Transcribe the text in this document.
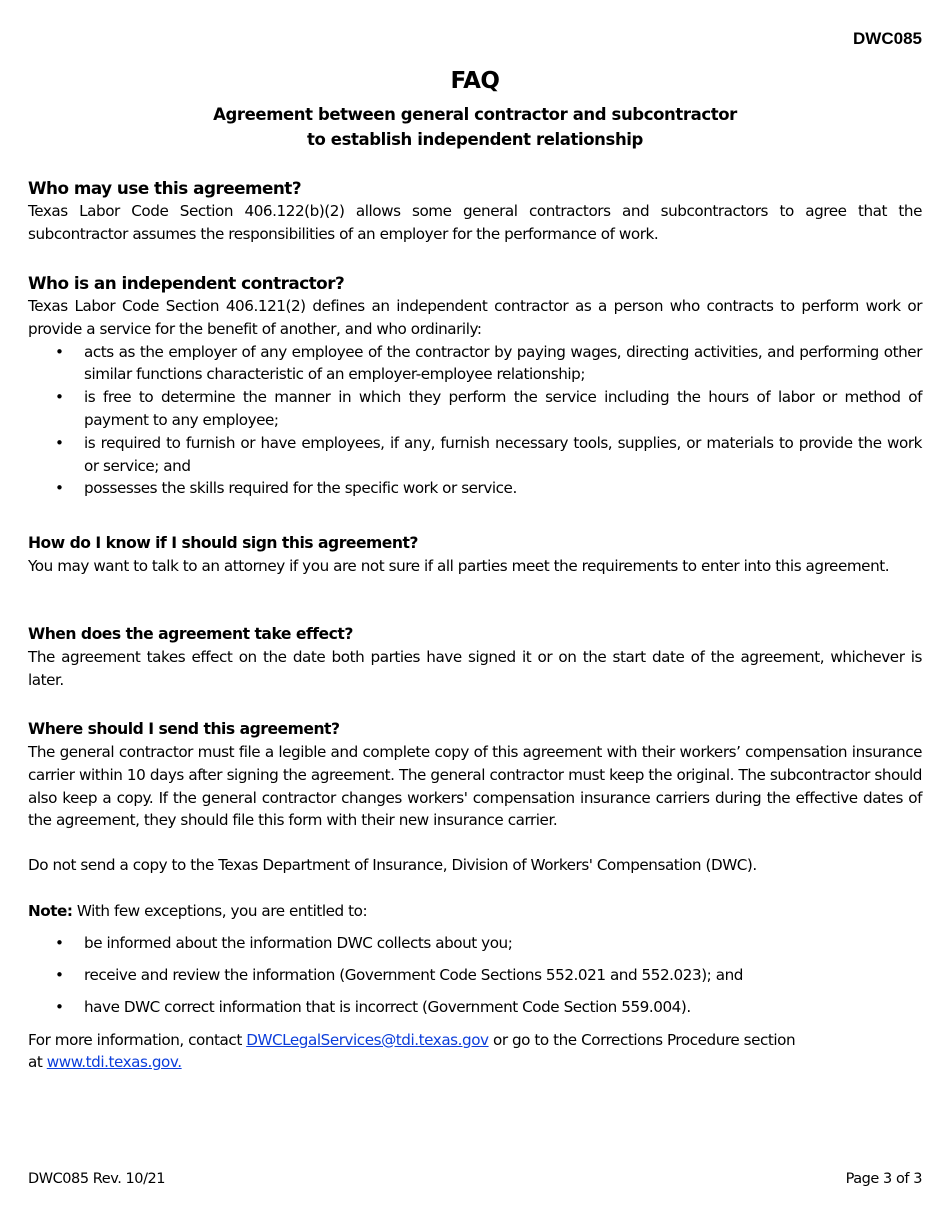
DWC085
FAQ
Agreement between general contractor and subcontractor
to establish independent relationship
Who may use this agreement?

Texas Labor Code Section 406.122(b)(2) allows some general contractors and subcontractors to agree that the subcontractor assumes the responsibilities of an employer for the performance of work.

Who is an independent contractor?

Texas Labor Code Section 406.121(2) defines an independent contractor as a person who contracts to perform work or provide a service for the benefit of another, and who ordinarily:

• acts as the employer of any employee of the contractor by paying wages, directing activities, and performing other similar functions characteristic of an employer-employee relationship;
• is free to determine the manner in which they perform the service including the hours of labor or method of payment to any employee;
• is required to furnish or have employees, if any, furnish necessary tools, supplies, or materials to provide the work or service; and
• possesses the skills required for the specific work or service.
How do I know if I should sign this agreement?

You may want to talk to an attorney if you are not sure if all parties meet the requirements to enter into this agreement.

When does the agreement take effect?

The agreement takes effect on the date both parties have signed it or on the start date of the agreement, whichever is later.

Where should I send this agreement?

The general contractor must file a legible and complete copy of this agreement with their workers’ compensation insurance carrier within 10 days after signing the agreement. The general contractor must keep the original. The subcontractor should also keep a copy. If the general contractor changes workers' compensation insurance carriers during the effective dates of the agreement, they should file this form with their new insurance carrier.

Do not send a copy to the Texas Department of Insurance, Division of Workers' Compensation (DWC).

Note: With few exceptions, you are entitled to:

• be informed about the information DWC collects about you;
• receive and review the information (Government Code Sections 552.021 and 552.023); and
• have DWC correct information that is incorrect (Government Code Section 559.004).

For more information, contact DWCLegalServices@tdi.texas.gov or go to the Corrections Procedure section
at www.tdi.texas.gov.

DWC085 Rev. 10/21	Page 3 of 3
